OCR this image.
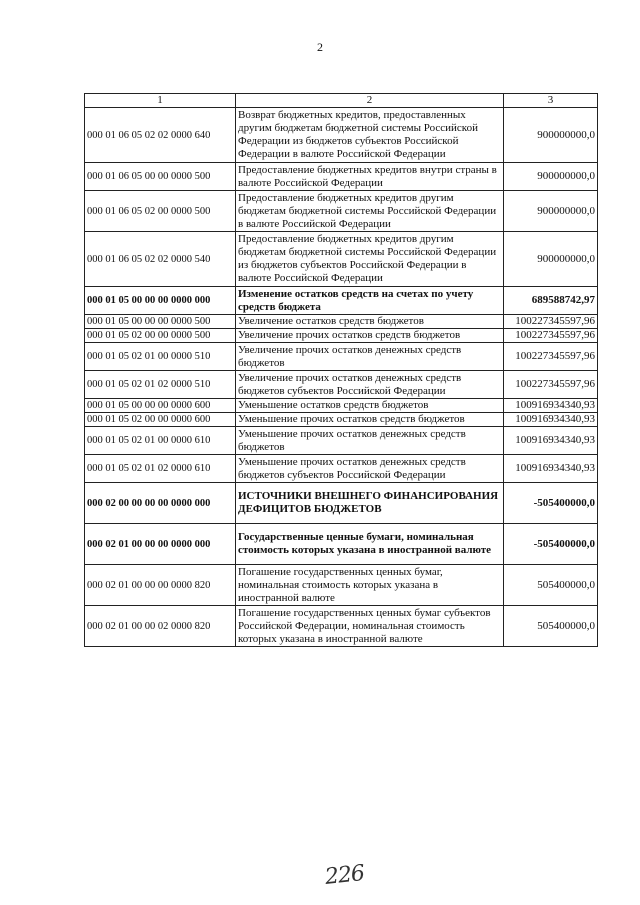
2
1	2	3
000 01 06 05 02 02 0000 640	Возврат бюджетных кредитов, предоставленных другим бюджетам бюджетной системы Российской Федерации из бюджетов субъектов Российской Федерации в валюте Российской Федерации	900000000,0
000 01 06 05 00 00 0000 500	Предоставление бюджетных кредитов внутри страны в валюте Российской Федерации	900000000,0
000 01 06 05 02 00 0000 500	Предоставление бюджетных кредитов другим бюджетам бюджетной системы Российской Федерации в валюте Российской Федерации	900000000,0
000 01 06 05 02 02 0000 540	Предоставление бюджетных кредитов другим бюджетам бюджетной системы Российской Федерации из бюджетов субъектов Российской Федерации в валюте Российской Федерации	900000000,0
000 01 05 00 00 00 0000 000	Изменение остатков средств на счетах по учету средств бюджета	689588742,97
000 01 05 00 00 00 0000 500	Увеличение остатков средств бюджетов	100227345597,96
000 01 05 02 00 00 0000 500	Увеличение прочих остатков средств бюджетов	100227345597,96
000 01 05 02 01 00 0000 510	Увеличение прочих остатков денежных средств бюджетов	100227345597,96
000 01 05 02 01 02 0000 510	Увеличение прочих остатков денежных средств бюджетов субъектов Российской Федерации	100227345597,96
000 01 05 00 00 00 0000 600	Уменьшение остатков средств бюджетов	100916934340,93
000 01 05 02 00 00 0000 600	Уменьшение прочих остатков средств бюджетов	100916934340,93
000 01 05 02 01 00 0000 610	Уменьшение прочих остатков денежных средств бюджетов	100916934340,93
000 01 05 02 01 02 0000 610	Уменьшение прочих остатков денежных средств бюджетов субъектов Российской Федерации	100916934340,93
000 02 00 00 00 00 0000 000	ИСТОЧНИКИ ВНЕШНЕГО ФИНАНСИРОВАНИЯ ДЕФИЦИТОВ БЮДЖЕТОВ	-505400000,0
000 02 01 00 00 00 0000 000	Государственные ценные бумаги, номинальная стоимость которых указана в иностранной валюте	-505400000,0
000 02 01 00 00 00 0000 820	Погашение государственных ценных бумаг, номинальная стоимость которых указана в иностранной валюте	505400000,0
000 02 01 00 00 02 0000 820	Погашение государственных ценных бумаг субъектов Российской Федерации, номинальная стоимость которых указана в иностранной валюте	505400000,0
226
